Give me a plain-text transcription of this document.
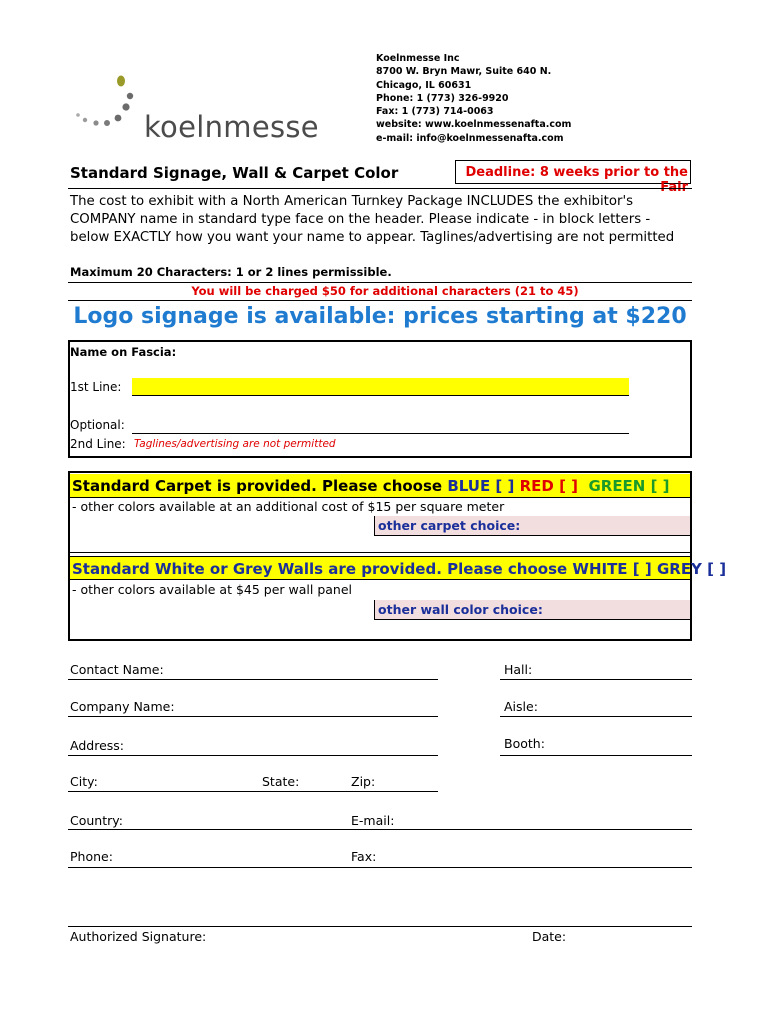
koelnmesse
Koelnmesse Inc
8700 W. Bryn Mawr, Suite 640 N.
Chicago, IL 60631
Phone: 1 (773) 326-9920
Fax: 1 (773) 714-0063
website: www.koelnmessenafta.com
e-mail: info@koelnmessenafta.com
Standard Signage, Wall & Carpet Color	Deadline: 8 weeks prior to the Fair
The cost to exhibit with a North American Turnkey Package INCLUDES the exhibitor's COMPANY name in standard type face on the header. Please indicate - in block letters - below EXACTLY how you want your name to appear. Taglines/advertising are not permitted
Maximum 20 Characters: 1 or 2 lines permissible.
You will be charged $50 for additional characters (21 to 45)
Logo signage is available: prices starting at $220
Name on Fascia:
1st Line:
Optional:
2nd Line: Taglines/advertising are not permitted
Standard Carpet is provided. Please choose BLUE [ ] RED [ ] GREEN [ ]
- other colors available at an additional cost of $15 per square meter
other carpet choice:
Standard White or Grey Walls are provided. Please choose WHITE [ ] GREY [ ]
- other colors available at $45 per wall panel
other wall color choice:
Contact Name:	Hall:
Company Name:	Aisle:
Address:	Booth:
City:	State:	Zip:
Country:	E-mail:
Phone:	Fax:
Authorized Signature:	Date:
